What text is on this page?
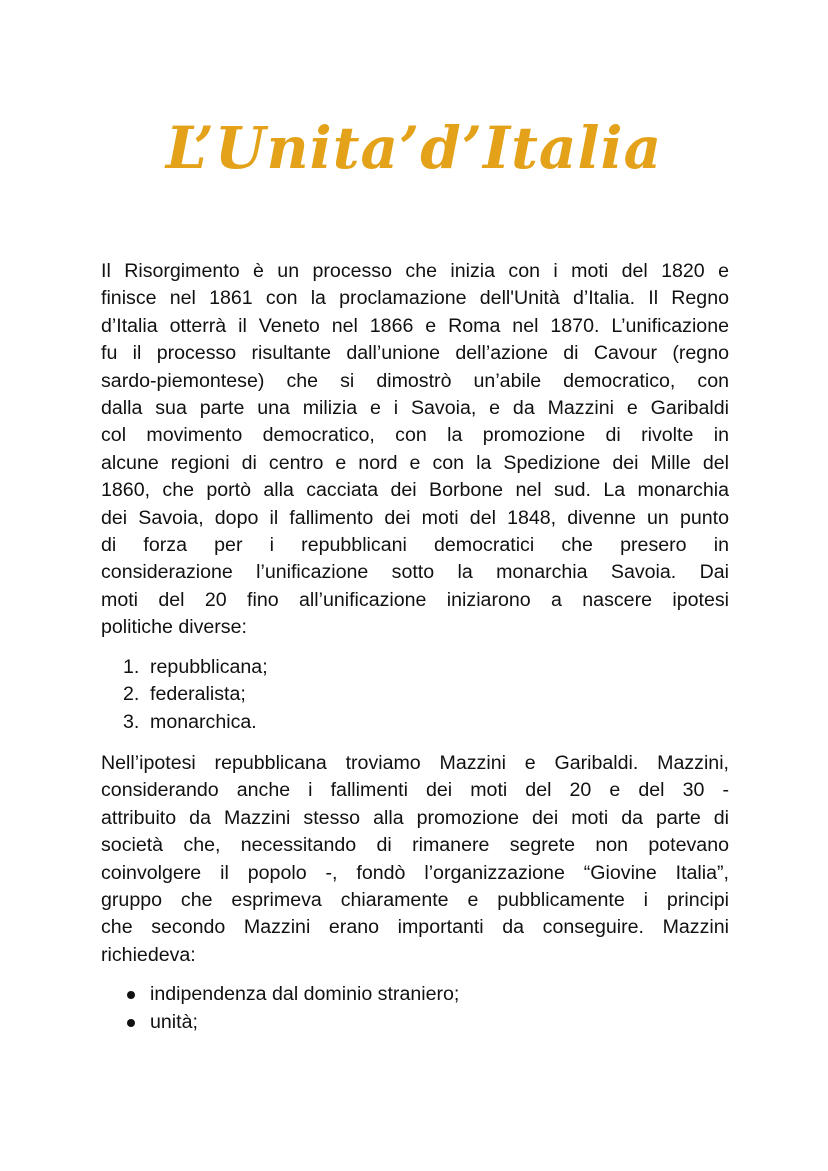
L’Unita’d’Italia

Il Risorgimento è un processo che inizia con i moti del 1820 e
finisce nel 1861 con la proclamazione dell'Unità d’Italia. Il Regno
d’Italia otterrà il Veneto nel 1866 e Roma nel 1870. L’unificazione
fu il processo risultante dall’unione dell’azione di Cavour (regno
sardo-piemontese) che si dimostrò un’abile democratico, con
dalla sua parte una milizia e i Savoia, e da Mazzini e Garibaldi
col movimento democratico, con la promozione di rivolte in
alcune regioni di centro e nord e con la Spedizione dei Mille del
1860, che portò alla cacciata dei Borbone nel sud. La monarchia
dei Savoia, dopo il fallimento dei moti del 1848, divenne un punto
di forza per i repubblicani democratici che presero in
considerazione l’unificazione sotto la monarchia Savoia. Dai
moti del 20 fino all’unificazione iniziarono a nascere ipotesi
politiche diverse:

1. repubblicana;
2. federalista;
3. monarchica.

Nell’ipotesi repubblicana troviamo Mazzini e Garibaldi. Mazzini,
considerando anche i fallimenti dei moti del 20 e del 30 -
attribuito da Mazzini stesso alla promozione dei moti da parte di
società che, necessitando di rimanere segrete non potevano
coinvolgere il popolo -, fondò l’organizzazione “Giovine Italia”,
gruppo che esprimeva chiaramente e pubblicamente i principi
che secondo Mazzini erano importanti da conseguire. Mazzini
richiedeva:

indipendenza dal dominio straniero;
unità;
